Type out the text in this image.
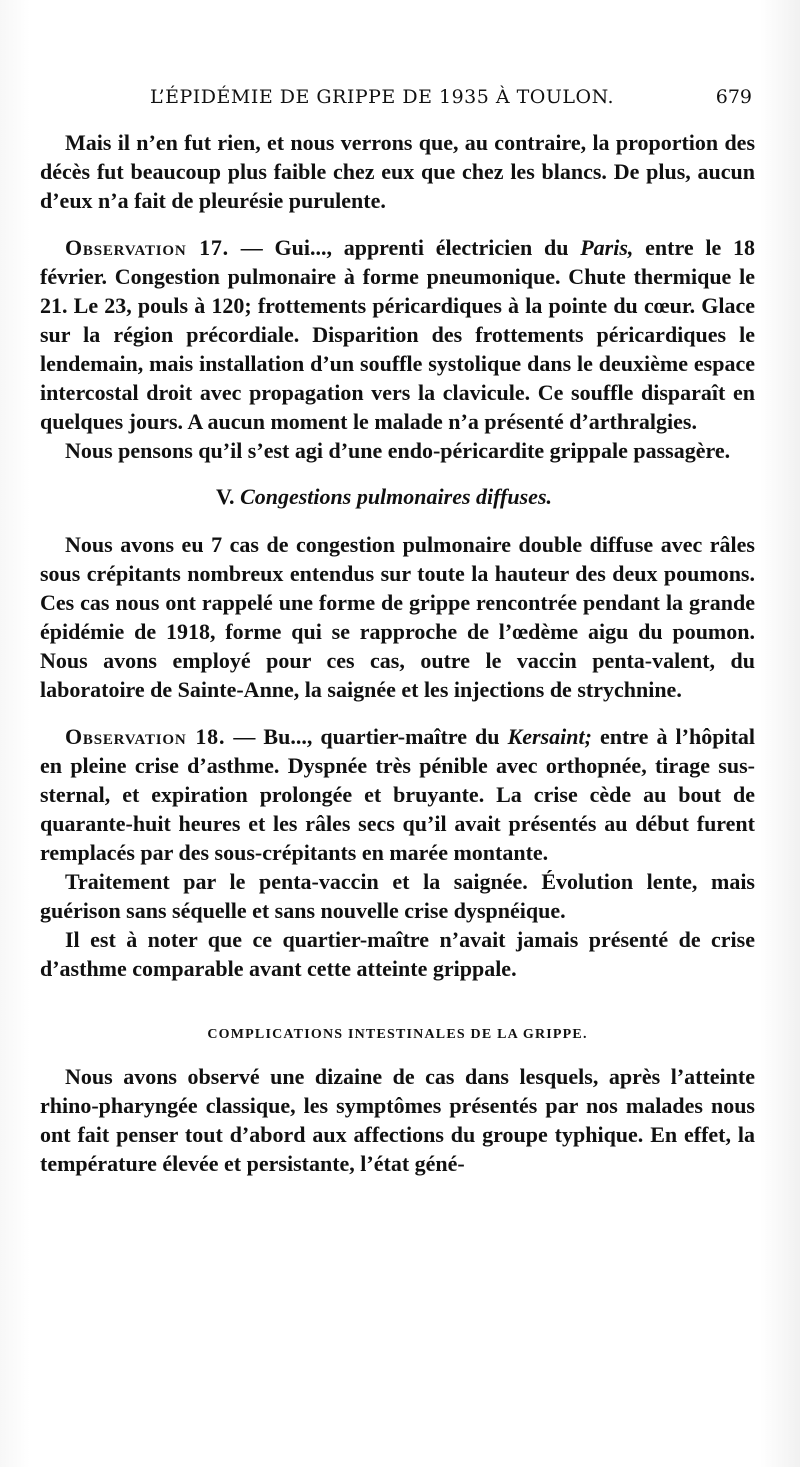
L’ÉPIDÉMIE DE GRIPPE DE 1935 À TOULON.	679

Mais il n’en fut rien, et nous verrons que, au contraire, la proportion des décès fut beaucoup plus faible chez eux que chez les blancs. De plus, aucun d’eux n’a fait de pleurésie purulente.

Observation 17. — Gui..., apprenti électricien du Paris, entre le 18 février. Congestion pulmonaire à forme pneumonique. Chute thermique le 21. Le 23, pouls à 120; frottements péricardiques à la pointe du cœur. Glace sur la région précordiale. Disparition des frottements péricardiques le lendemain, mais installation d’un souffle systolique dans le deuxième espace intercostal droit avec propagation vers la clavicule. Ce souffle disparaît en quelques jours. A aucun moment le malade n’a présenté d’arthralgies.

Nous pensons qu’il s’est agi d’une endo-péricardite grippale passagère.

V. Congestions pulmonaires diffuses.

Nous avons eu 7 cas de congestion pulmonaire double diffuse avec râles sous crépitants nombreux entendus sur toute la hauteur des deux poumons. Ces cas nous ont rappelé une forme de grippe rencontrée pendant la grande épidémie de 1918, forme qui se rapproche de l’œdème aigu du poumon. Nous avons employé pour ces cas, outre le vaccin penta-valent, du laboratoire de Sainte-Anne, la saignée et les injections de strychnine.

Observation 18. — Bu..., quartier-maître du Kersaint; entre à l’hôpital en pleine crise d’asthme. Dyspnée très pénible avec orthopnée, tirage sus-sternal, et expiration prolongée et bruyante. La crise cède au bout de quarante-huit heures et les râles secs qu’il avait présentés au début furent remplacés par des sous-crépitants en marée montante.

Traitement par le penta-vaccin et la saignée. Évolution lente, mais guérison sans séquelle et sans nouvelle crise dyspnéique.

Il est à noter que ce quartier-maître n’avait jamais présenté de crise d’asthme comparable avant cette atteinte grippale.

COMPLICATIONS INTESTINALES DE LA GRIPPE.

Nous avons observé une dizaine de cas dans lesquels, après l’atteinte rhino-pharyngée classique, les symptômes présentés par nos malades nous ont fait penser tout d’abord aux affections du groupe typhique. En effet, la température élevée et persistante, l’état géné-
